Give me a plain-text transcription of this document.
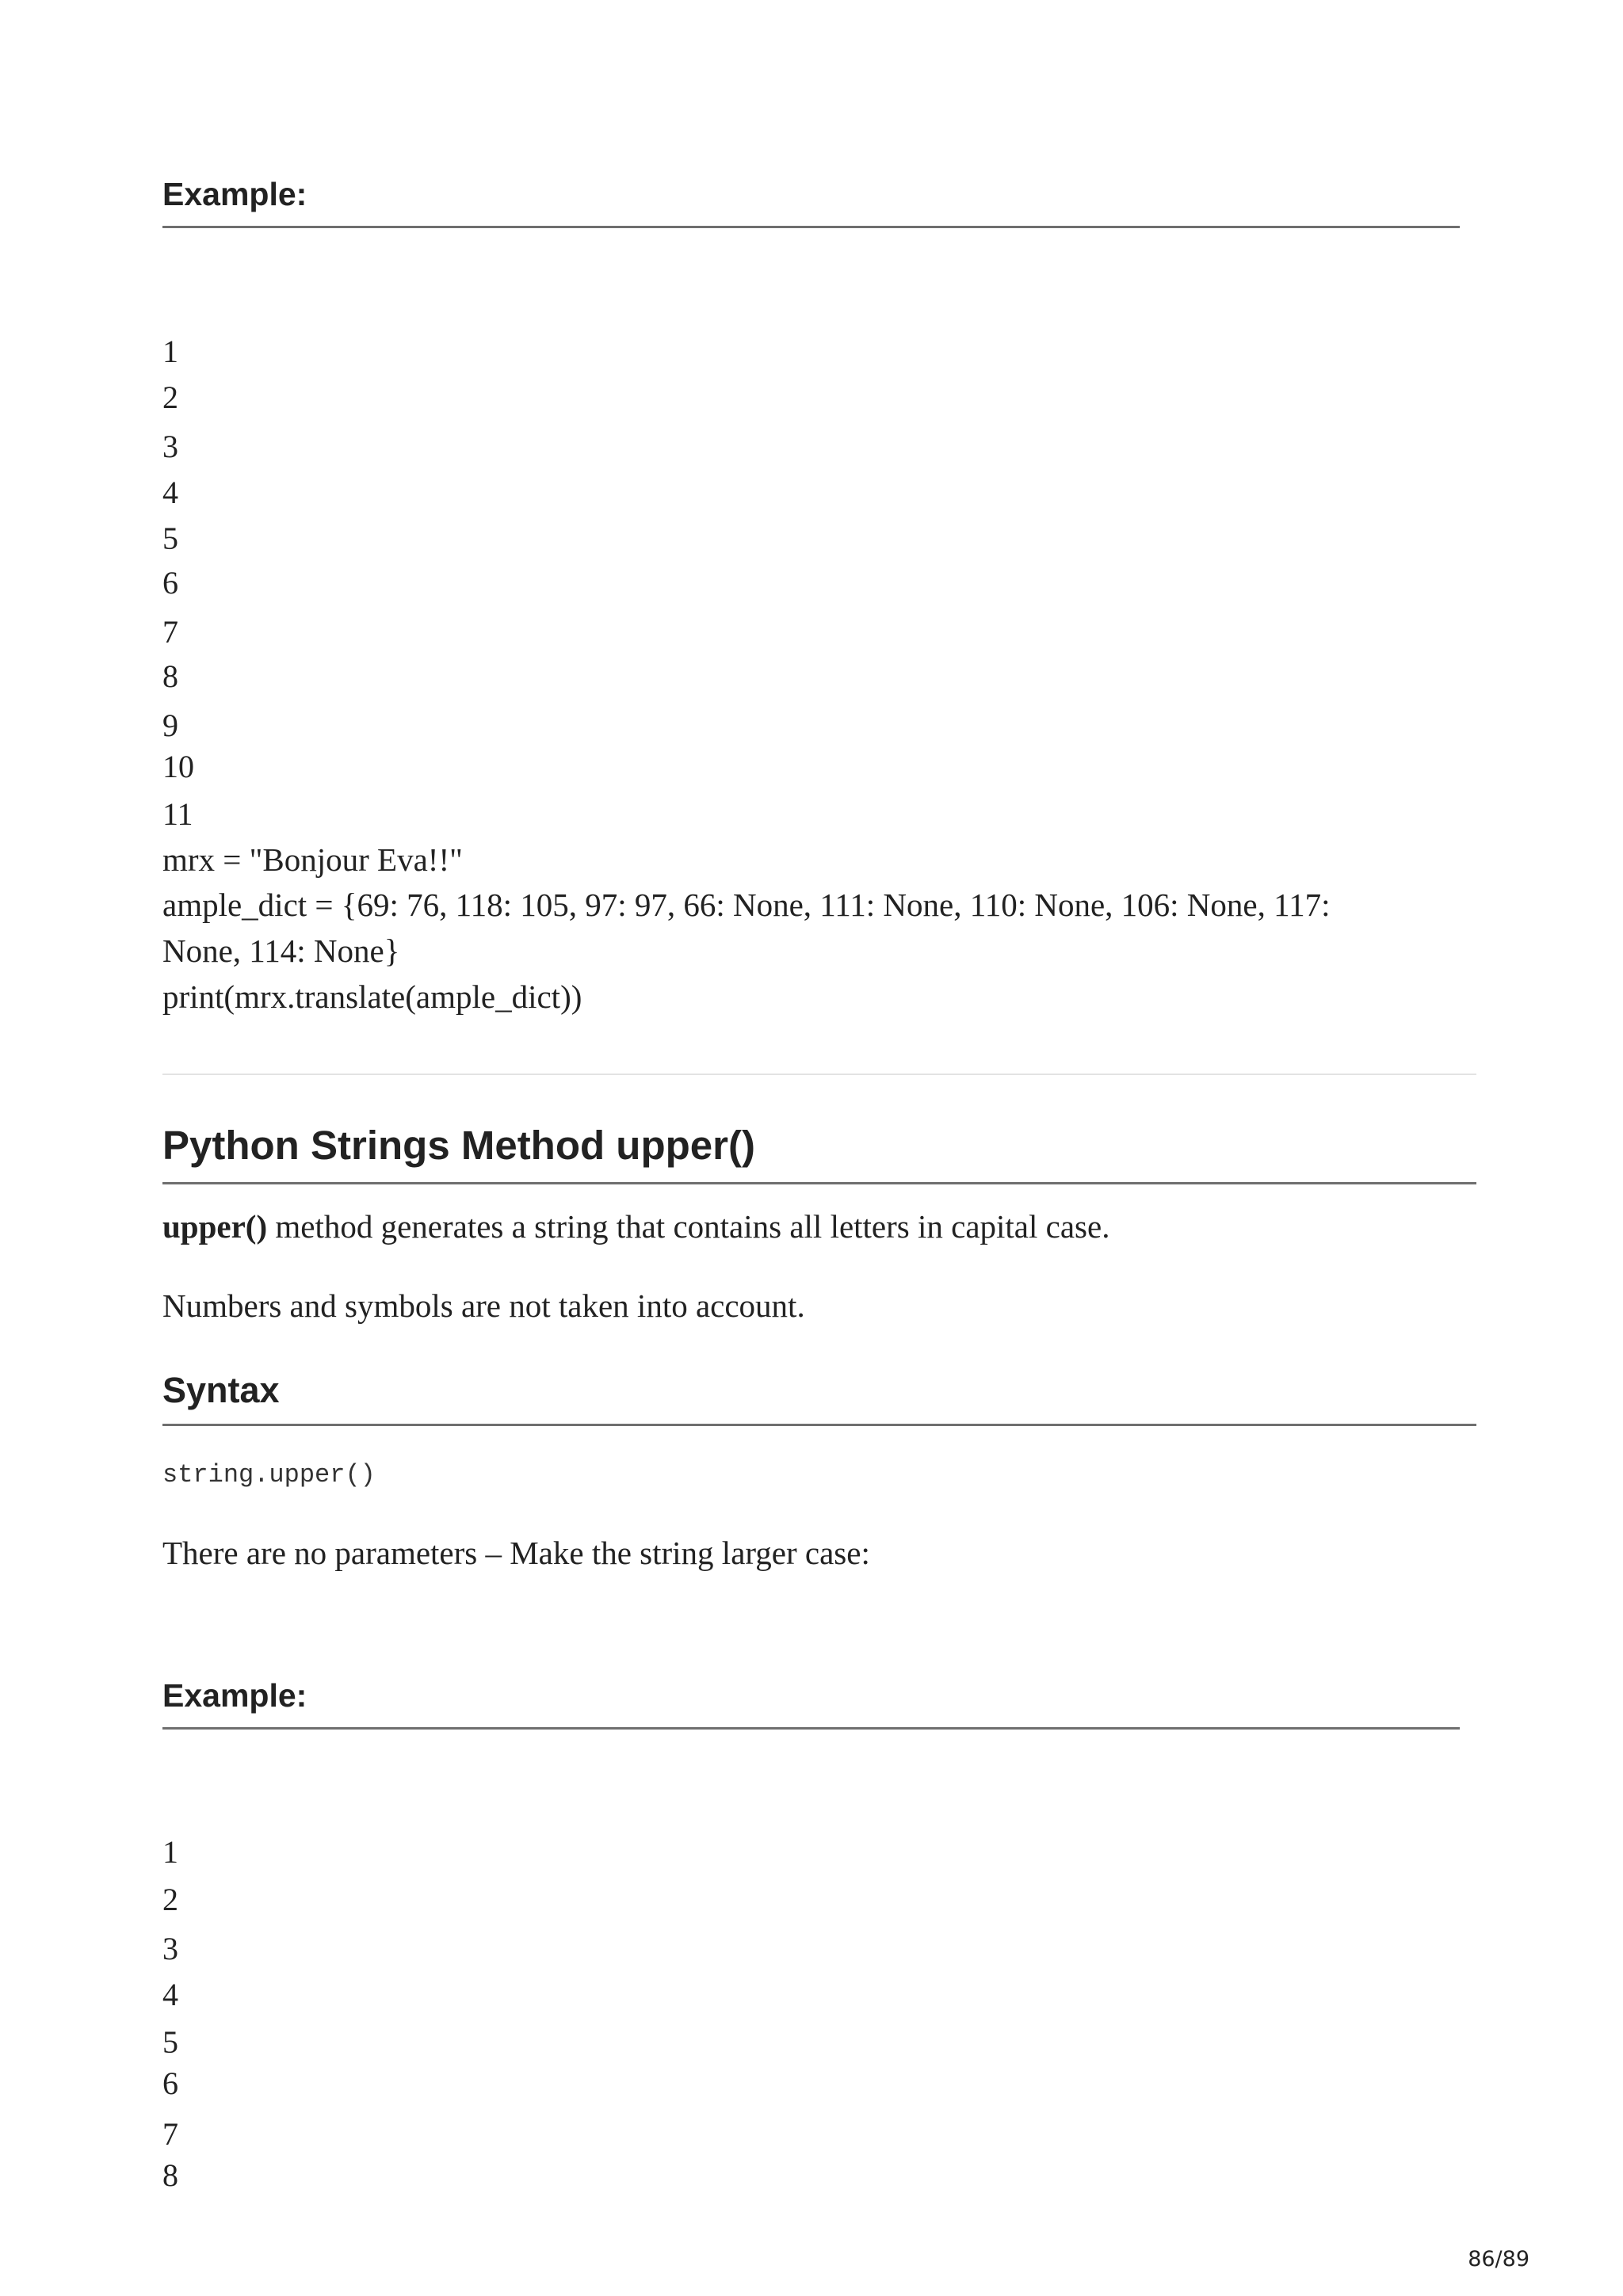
Example:
1
2
3
4
5
6
7
8
9
10
11
mrx = "Bonjour Eva!!"
ample_dict = {69: 76, 118: 105, 97: 97, 66: None, 111: None, 110: None, 106: None, 117:
None, 114: None}
print(mrx.translate(ample_dict))
Python Strings Method upper()
upper() method generates a string that contains all letters in capital case.
Numbers and symbols are not taken into account.
Syntax
string.upper()
There are no parameters – Make the string larger case:
Example:
1
2
3
4
5
6
7
8
86/89
